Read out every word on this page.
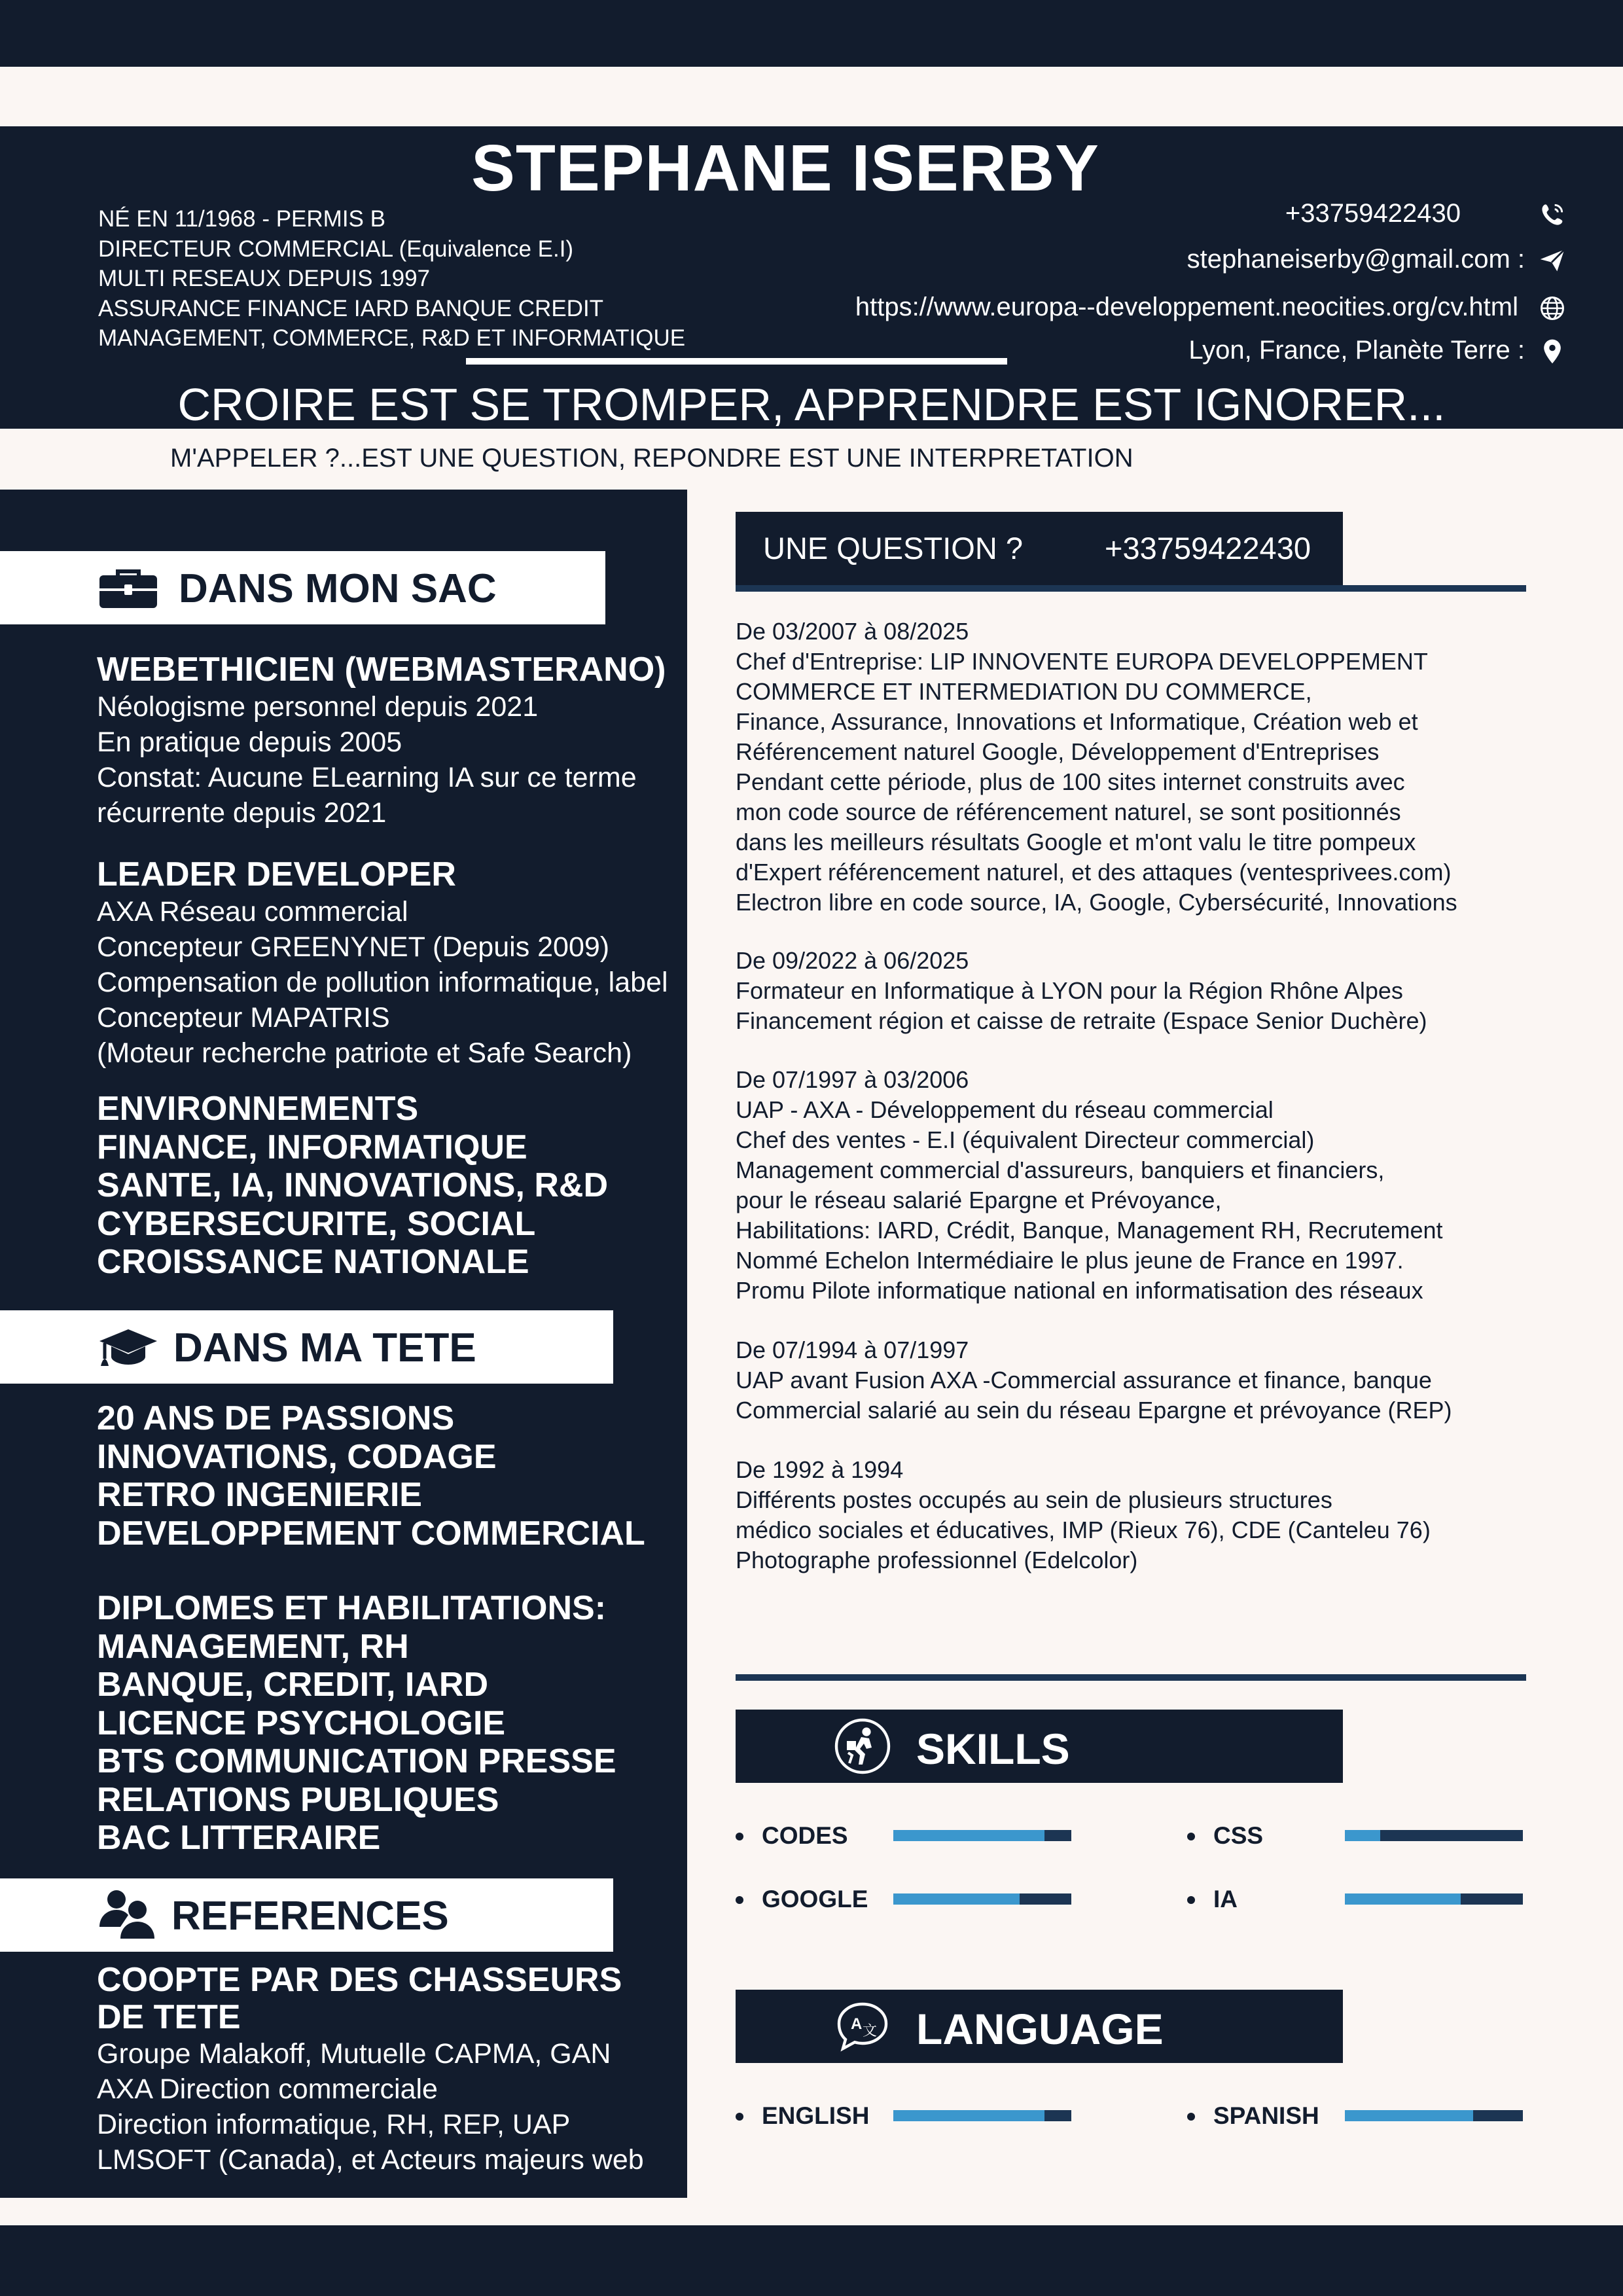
STEPHANE ISERBY
NÉ EN 11/1968 - PERMIS B
DIRECTEUR COMMERCIAL (Equivalence E.I)
MULTI RESEAUX DEPUIS 1997
ASSURANCE FINANCE IARD BANQUE CREDIT
MANAGEMENT, COMMERCE, R&D ET INFORMATIQUE
+33759422430
stephaneiserby@gmail.com :
https://www.europa--developpement.neocities.org/cv.html
Lyon, France, Planète Terre :
CROIRE EST SE TROMPER, APPRENDRE EST IGNORER...
M'APPELER ?...EST UNE QUESTION, REPONDRE EST UNE INTERPRETATION
DANS MON SAC
WEBETHICIEN (WEBMASTERANO)
Néologisme personnel depuis 2021
En pratique depuis 2005
Constat: Aucune ELearning IA sur ce terme
récurrente depuis 2021
LEADER DEVELOPER
AXA Réseau commercial
Concepteur GREENYNET (Depuis 2009)
Compensation de pollution informatique, label
Concepteur MAPATRIS
(Moteur recherche patriote et Safe Search)
ENVIRONNEMENTS
FINANCE, INFORMATIQUE
SANTE, IA, INNOVATIONS, R&D
CYBERSECURITE, SOCIAL
CROISSANCE NATIONALE
DANS MA TETE
20 ANS DE PASSIONS
INNOVATIONS, CODAGE
RETRO INGENIERIE
DEVELOPPEMENT COMMERCIAL
DIPLOMES ET HABILITATIONS:
MANAGEMENT, RH
BANQUE, CREDIT, IARD
LICENCE PSYCHOLOGIE
BTS COMMUNICATION PRESSE
RELATIONS PUBLIQUES
BAC LITTERAIRE
REFERENCES
COOPTE PAR DES CHASSEURS
DE TETE
Groupe Malakoff, Mutuelle CAPMA, GAN
AXA Direction commerciale
Direction informatique, RH, REP, UAP
LMSOFT (Canada), et Acteurs majeurs web
UNE QUESTION ?	+33759422430
De 03/2007 à 08/2025
Chef d'Entreprise: LIP INNOVENTE EUROPA DEVELOPPEMENT
COMMERCE ET INTERMEDIATION DU COMMERCE,
Finance, Assurance, Innovations et Informatique, Création web et
Référencement naturel Google, Développement d'Entreprises
Pendant cette période, plus de 100 sites internet construits avec
mon code source de référencement naturel, se sont positionnés
dans les meilleurs résultats Google et m'ont valu le titre pompeux
d'Expert référencement naturel, et des attaques (ventesprivees.com)
Electron libre en code source, IA, Google, Cybersécurité, Innovations
De 09/2022 à 06/2025
Formateur en Informatique à LYON pour la Région Rhône Alpes
Financement région et caisse de retraite (Espace Senior Duchère)
De 07/1997 à 03/2006
UAP - AXA - Développement du réseau commercial
Chef des ventes - E.I (équivalent Directeur commercial)
Management commercial d'assureurs, banquiers et financiers,
pour le réseau salarié Epargne et Prévoyance,
Habilitations: IARD, Crédit, Banque, Management RH, Recrutement
Nommé Echelon Intermédiaire le plus jeune de France en 1997.
Promu Pilote informatique national en informatisation des réseaux
De 07/1994 à 07/1997
UAP avant Fusion AXA -Commercial assurance et finance, banque
Commercial salarié au sein du réseau Epargne et prévoyance (REP)
De 1992 à 1994
Différents postes occupés au sein de plusieurs structures
médico sociales et éducatives, IMP (Rieux 76), CDE (Canteleu 76)
Photographe professionnel (Edelcolor)
SKILLS
CODES	CSS
GOOGLE	IA
A 文 LANGUAGE
ENGLISH	SPANISH
